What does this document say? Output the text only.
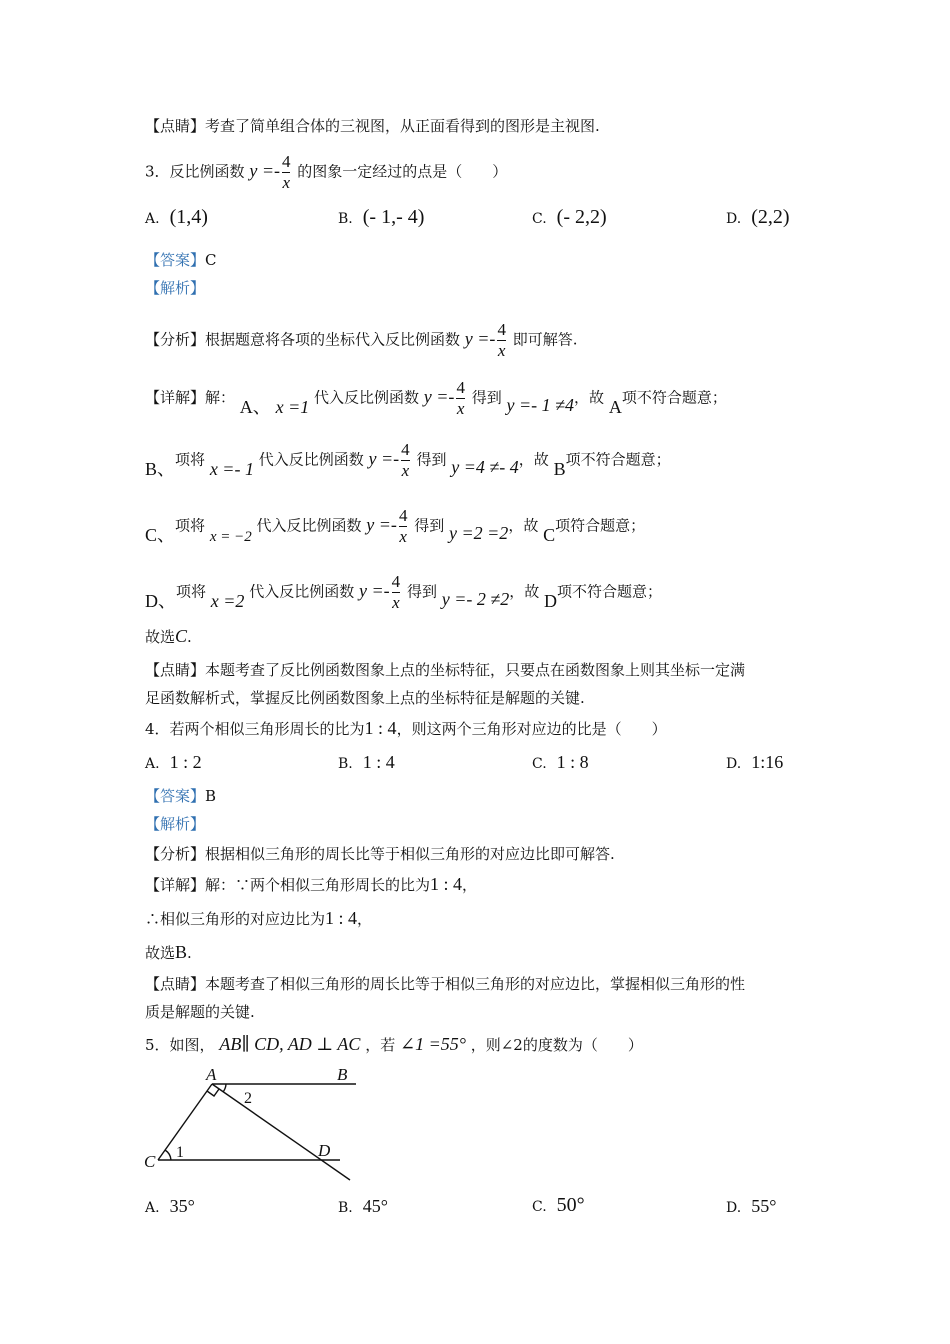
【点睛】考查了简单组合体的三视图，从正面看得到的图形是主视图.
3．反比例函数 $y =- \frac{4}{x}$ 的图象一定经过的点是（　　）
A. (1,4)	B. (- 1,- 4)	C. (- 2,2)	D. (2,2)
【答案】C
【解析】
【分析】根据题意将各项的坐标代入反比例函数 $y =- \frac{4}{x}$ 即可解答.
【详解】解： A、 x =1 代入反比例函数 $y =- \frac{4}{x}$ 得到 y =- 1 ≠4，故 A项不符合题意；
B、项将 x =- 1 代入反比例函数 $y =- \frac{4}{x}$ 得到 y =4 ≠- 4，故 B项不符合题意；
C、项将 x = −2 代入反比例函数 $y =- \frac{4}{x}$ 得到 y =2 =2，故 C项符合题意；
D、项将 x =2 代入反比例函数 $y =- \frac{4}{x}$ 得到 y =- 2 ≠2，故 D项不符合题意；
故选C.
【点睛】本题考查了反比例函数图象上点的坐标特征，只要点在函数图象上则其坐标一定满
足函数解析式，掌握反比例函数图象上点的坐标特征是解题的关键.
4．若两个相似三角形周长的比为1 : 4，则这两个三角形对应边的比是（　　）
A. 1 : 2	B. 1 : 4	C. 1 : 8	D. 1:16
【答案】B
【解析】
【分析】根据相似三角形的周长比等于相似三角形的对应边比即可解答.
【详解】解：∵两个相似三角形周长的比为1 : 4，
∴相似三角形的对应边比为1 : 4，
故选B.
【点睛】本题考查了相似三角形的周长比等于相似三角形的对应边比，掌握相似三角形的性
质是解题的关键.
5．如图， AB∥ CD, AD ⊥ AC ，若 ∠1 =55° ，则∠2的度数为（　　）
A	B
C
D
1
2
A. 35°	B. 45°	C. 50°	D. 55°
